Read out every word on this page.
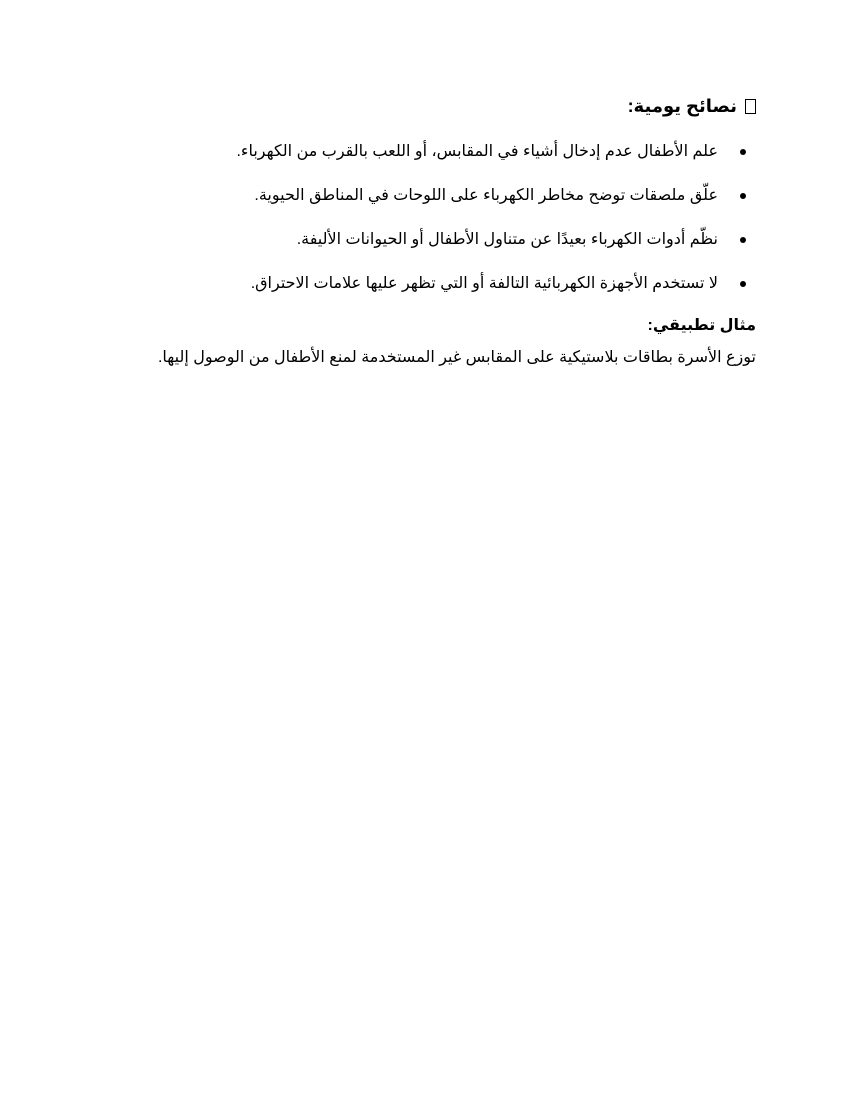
نصائح يومية:
علم الأطفال عدم إدخال أشياء في المقابس، أو اللعب بالقرب من الكهرباء.
علّق ملصقات توضح مخاطر الكهرباء على اللوحات في المناطق الحيوية.
نظّم أدوات الكهرباء بعيدًا عن متناول الأطفال أو الحيوانات الأليفة.
لا تستخدم الأجهزة الكهربائية التالفة أو التي تظهر عليها علامات الاحتراق.
مثال تطبيقي:
توزع الأسرة بطاقات بلاستيكية على المقابس غير المستخدمة لمنع الأطفال من الوصول إليها.
